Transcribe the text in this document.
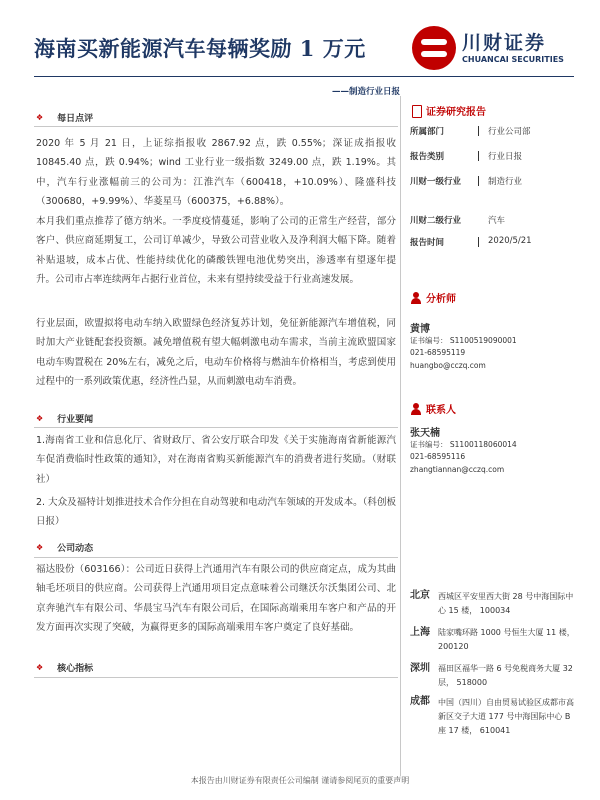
海南买新能源汽车每辆奖励 1 万元	川财证券
CHUANCAI SECURITIES
——制造行业日报
❖ 每日点评
2020 年 5 月 21 日，上证综指报收 2867.92 点，跌 0.55%；深证成指报收 10845.40 点，跌 0.94%；wind 工业行业一级指数 3249.00 点，跌 1.19%。其中，汽车行业涨幅前三的公司为：江淮汽车（600418，+10.09%）、隆盛科技（300680，+9.99%）、华菱星马（600375，+6.88%）。
本月我们重点推荐了德方纳米。一季度疫情蔓延，影响了公司的正常生产经营，部分客户、供应商延期复工，公司订单减少，导致公司营业收入及净利润大幅下降。随着补贴退坡，成本占优、性能持续优化的磷酸铁锂电池优势突出，渗透率有望逐年提升。公司市占率连续两年占据行业首位，未来有望持续受益于行业高速发展。
行业层面，欧盟拟将电动车纳入欧盟绿色经济复苏计划，免征新能源汽车增值税，同时加大产业链配套投资额。减免增值税有望大幅刺激电动车需求，当前主流欧盟国家电动车购置税在 20%左右，减免之后，电动车价格将与燃油车价格相当，考虑到使用过程中的一系列政策优惠，经济性凸显，从而刺激电动车消费。
❖ 行业要闻
1.海南省工业和信息化厅、省财政厅、省公安厅联合印发《关于实施海南省新能源汽车促消费临时性政策的通知》，对在海南省购买新能源汽车的消费者进行奖励。（财联社）
2. 大众及福特计划推进技术合作分担在自动驾驶和电动汽车领域的开发成本。（科创板日报）
❖ 公司动态
福达股份（603166）：公司近日获得上汽通用汽车有限公司的供应商定点，成为其曲轴毛坯项目的供应商。公司获得上汽通用项目定点意味着公司继沃尔沃集团公司、北京奔驰汽车有限公司、华晨宝马汽车有限公司后，在国际高端乘用车客户和产品的开发方面再次实现了突破，为赢得更多的国际高端乘用车客户奠定了良好基础。
❖ 核心指标
证券研究报告
所属部门	行业公司部
报告类别	行业日报
川财一级行业	制造行业
川财二级行业	汽车
报告时间	2020/5/21
分析师
黄博
证书编号： S1100519090001
021-68595119
huangbo@cczq.com
联系人
张天楠
证书编号： S1100118060014
021-68595116
zhangtiannan@cczq.com
北京 西城区平安里西大街 28 号中海国际中心 15 楼， 100034
上海 陆家嘴环路 1000 号恒生大厦 11 楼， 200120
深圳 福田区福华一路 6 号免税商务大厦 32 层， 518000
成都 中国（四川）自由贸易试验区成都市高新区交子大道 177 号中海国际中心 B 座 17 楼， 610041
本报告由川财证券有限责任公司编制 谨请参阅尾页的重要声明
